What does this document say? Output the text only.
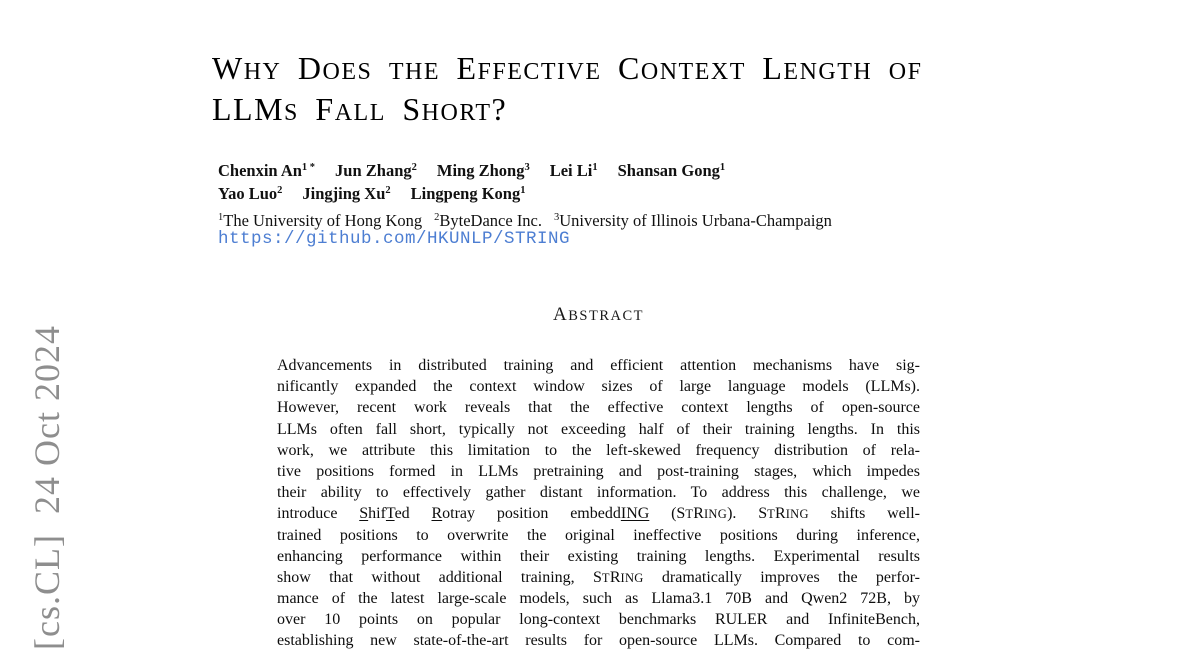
[cs.CL]  24 Oct 2024
WHY DOES THE EFFECTIVE CONTEXT LENGTH OF
LLMS FALL SHORT?
Chenxin $An^{1 *}$ Jun Zhang$^2$ Ming Zhong$^3$ Lei Li$^1$ Shansan Gong$^1$
Yao Luo$^2$ Jingjing Xu$^2$ Lingpeng Kong$^1$
$^1$The University of Hong Kong $^2$ByteDance Inc. $^3$University of Illinois Urbana-Champaign
https://github.com/HKUNLP/STRING
ABSTRACT
Advancements in distributed training and efficient attention mechanisms have sig-
nificantly expanded the context window sizes of large language models (LLMs).
However, recent work reveals that the effective context lengths of open-source
LLMs often fall short, typically not exceeding half of their training lengths. In this
work, we attribute this limitation to the left-skewed frequency distribution of rela-
tive positions formed in LLMs pretraining and post-training stages, which impedes
their ability to effectively gather distant information. To address this challenge, we
introduce ShifTed Rotray position embeddING (STRING). STRING shifts well-
trained positions to overwrite the original ineffective positions during inference,
enhancing performance within their existing training lengths. Experimental results
show that without additional training, STRING dramatically improves the perfor-
mance of the latest large-scale models, such as Llama3.1 70B and Qwen2 72B, by
over 10 points on popular long-context benchmarks RULER and InfiniteBench,
establishing new state-of-the-art results for open-source LLMs. Compared to com-
